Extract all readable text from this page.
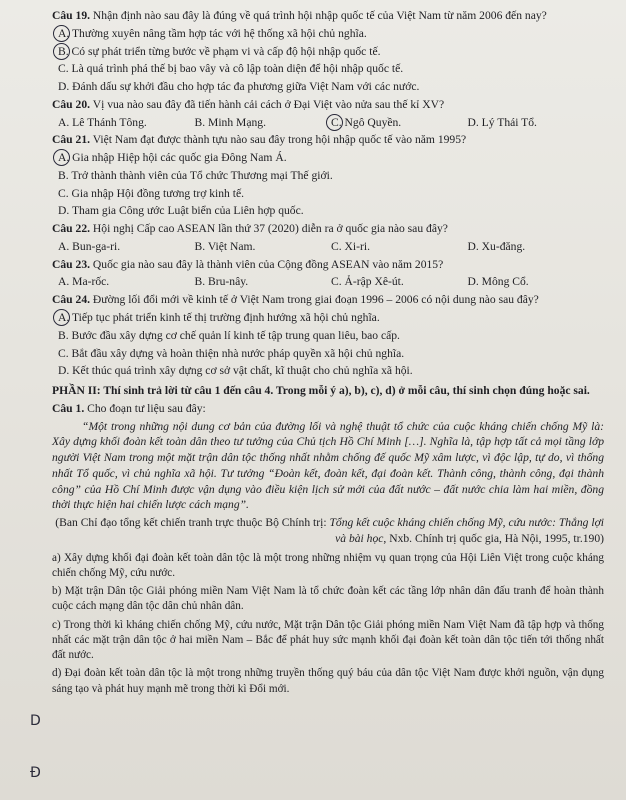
Câu 19. Nhận định nào sau đây là đúng về quá trình hội nhập quốc tế của Việt Nam từ năm 2006 đến nay?

A. Thường xuyên nâng tầm hợp tác với hệ thống xã hội chủ nghĩa.

B. Có sự phát triển từng bước về phạm vi và cấp độ hội nhập quốc tế.

C. Là quá trình phá thế bị bao vây và cô lập toàn diện để hội nhập quốc tế.

D. Đánh dấu sự khởi đầu cho hợp tác đa phương giữa Việt Nam với các nước.

Câu 20. Vị vua nào sau đây đã tiến hành cải cách ở Đại Việt vào nửa sau thế kỉ XV?

A. Lê Thánh Tông.	B. Minh Mạng.	C. Ngô Quyền.	D. Lý Thái Tổ.

Câu 21. Việt Nam đạt được thành tựu nào sau đây trong hội nhập quốc tế vào năm 1995?

A. Gia nhập Hiệp hội các quốc gia Đông Nam Á.

B. Trở thành thành viên của Tổ chức Thương mại Thế giới.

C. Gia nhập Hội đồng tương trợ kinh tế.

D. Tham gia Công ước Luật biển của Liên hợp quốc.

Câu 22. Hội nghị Cấp cao ASEAN lần thứ 37 (2020) diễn ra ở quốc gia nào sau đây?

A. Bun-ga-ri.	B. Việt Nam.	C. Xi-ri.	D. Xu-đăng.

Câu 23. Quốc gia nào sau đây là thành viên của Cộng đồng ASEAN vào năm 2015?

A. Ma-rốc.	B. Bru-nây.	C. Ả-rập Xê-út.	D. Mông Cổ.

Câu 24. Đường lối đổi mới về kinh tế ở Việt Nam trong giai đoạn 1996 – 2006 có nội dung nào sau đây?

A. Tiếp tục phát triển kinh tế thị trường định hướng xã hội chủ nghĩa.

B. Bước đầu xây dựng cơ chế quản lí kinh tế tập trung quan liêu, bao cấp.

C. Bắt đầu xây dựng và hoàn thiện nhà nước pháp quyền xã hội chủ nghĩa.

D. Kết thúc quá trình xây dựng cơ sở vật chất, kĩ thuật cho chủ nghĩa xã hội.

PHẦN II: Thí sinh trả lời từ câu 1 đến câu 4. Trong mỗi ý a), b), c), d) ở mỗi câu, thí sinh chọn đúng hoặc sai.

Câu 1. Cho đoạn tư liệu sau đây:

“Một trong những nội dung cơ bản của đường lối và nghệ thuật tổ chức của cuộc kháng chiến chống Mỹ là: Xây dựng khối đoàn kết toàn dân theo tư tưởng của Chủ tịch Hồ Chí Minh […]. Nghĩa là, tập hợp tất cả mọi tầng lớp người Việt Nam trong một mặt trận dân tộc thống nhất nhằm chống đế quốc Mỹ xâm lược, vì độc lập, tự do, vì thống nhất Tổ quốc, vì chủ nghĩa xã hội. Tư tưởng “Đoàn kết, đoàn kết, đại đoàn kết. Thành công, thành công, đại thành công” của Hồ Chí Minh được vận dụng vào điều kiện lịch sử mới của đất nước – đất nước chia làm hai miền, đồng thời thực hiện hai chiến lược cách mạng”.

(Ban Chỉ đạo tổng kết chiến tranh trực thuộc Bộ Chính trị: Tổng kết cuộc kháng chiến chống Mỹ, cứu nước: Thắng lợi và bài học, Nxb. Chính trị quốc gia, Hà Nội, 1995, tr.190)

a) Xây dựng khối đại đoàn kết toàn dân tộc là một trong những nhiệm vụ quan trọng của Hội Liên Việt trong cuộc kháng chiến chống Mỹ, cứu nước.

b) Mặt trận Dân tộc Giải phóng miền Nam Việt Nam là tổ chức đoàn kết các tầng lớp nhân dân đấu tranh để hoàn thành cuộc cách mạng dân tộc dân chủ nhân dân.

c) Trong thời kì kháng chiến chống Mỹ, cứu nước, Mặt trận Dân tộc Giải phóng miền Nam Việt Nam đã tập hợp và thống nhất các mặt trận dân tộc ở hai miền Nam – Bắc để phát huy sức mạnh khối đại đoàn kết toàn dân tộc tiến tới thống nhất đất nước.

d) Đại đoàn kết toàn dân tộc là một trong những truyền thống quý báu của dân tộc Việt Nam được khởi nguồn, vận dụng sáng tạo và phát huy mạnh mẽ trong thời kì Đổi mới.

D
Đ
